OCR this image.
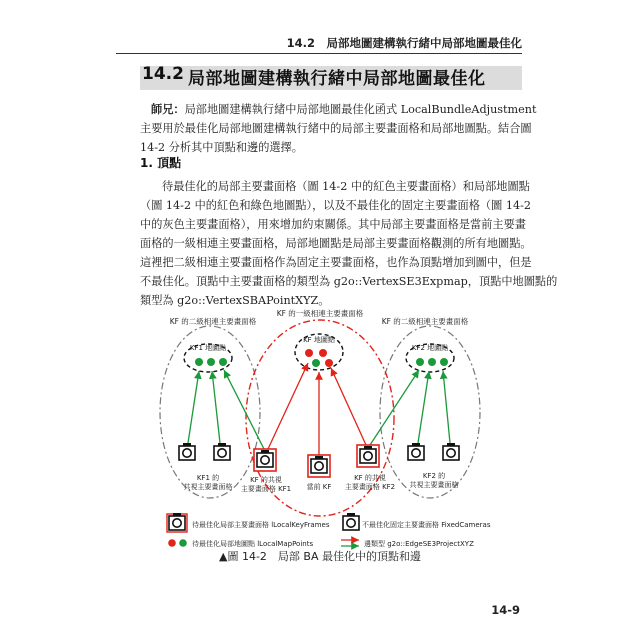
14.2　局部地圖建構執行緒中局部地圖最佳化
14.2 局部地圖建構執行緒中局部地圖最佳化
師兄：局部地圖建構執行緒中局部地圖最佳化函式 LocalBundleAdjustment
主要用於最佳化局部地圖建構執行緒中的局部主要畫面格和局部地圖點。結合圖
14-2 分析其中頂點和邊的選擇。
1. 頂點
待最佳化的局部主要畫面格（圖 14-2 中的紅色主要畫面格）和局部地圖點
（圖 14-2 中的紅色和綠色地圖點），以及不最佳化的固定主要畫面格（圖 14-2
中的灰色主要畫面格），用來增加約束關係。其中局部主要畫面格是當前主要畫
面格的一級相連主要畫面格，局部地圖點是局部主要畫面格觀測的所有地圖點。
這裡把二級相連主要畫面格作為固定主要畫面格，也作為頂點增加到圖中，但是
不最佳化。頂點中主要畫面格的類型為 g2o::VertexSE3Expmap，頂點中地圖點的
類型為 g2o::VertexSBAPointXYZ。
KF 的二級相連主要畫面格
KF 的一級相連主要畫面格
KF 的二級相連主要畫面格
KF1 地圖點
KF 地圖點
KF2 地圖點
KF1 的
共視主要畫面格
KF 的共視
主要畫面格 KF1 當前 KF
KF 的共視
主要畫面格 KF2
KF2 的
共視主要畫面格
待最佳化局部主要畫面格 lLocalKeyFrames	不最佳化固定主要畫面格 FixedCameras
待最佳化局部地圖點 lLocalMapPoints	邊類型 g2o::EdgeSE3ProjectXYZ
▲圖 14-2　局部 BA 最佳化中的頂點和邊
14-9
